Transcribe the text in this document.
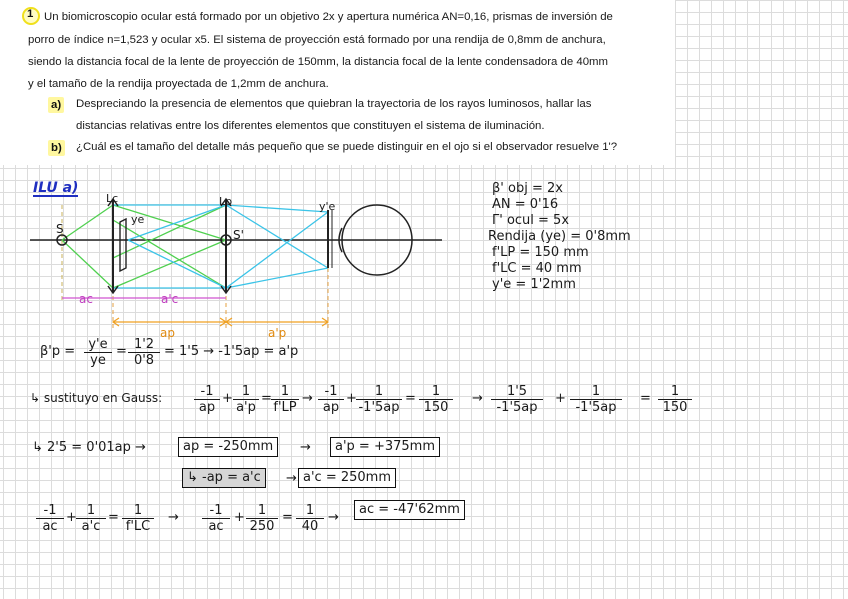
1 Un biomicroscopio ocular está formado por un objetivo 2x y apertura numérica AN=0,16, prismas de inversión de
porro de índice n=1,523 y ocular x5. El sistema de proyección está formado por una rendija de 0,8mm de anchura,
siendo la distancia focal de la lente de proyección de 150mm, la distancia focal de la lente condensadora de 40mm
y el tamaño de la rendija proyectada de 1,2mm de anchura.
a) Despreciando la presencia de elementos que quiebran la trayectoria de los rayos luminosos, hallar las
distancias relativas entre los diferentes elementos que constituyen el sistema de iluminación.
b) ¿Cuál es el tamaño del detalle más pequeño que se puede distinguir en el ojo si el observador resuelve 1'?
ILU a)
S
Lc
ye
Lp
S'
y'e
ac	a'c
ap	a'p
β' obj = 2x
AN = 0'16
Γ' ocul = 5x
Rendija (ye) = 0'8mm
f'LP = 150 mm
f'LC = 40 mm
y'e = 1'2mm
$\beta'p = \frac{y'e}{ye} = \frac{1'2}{0'8} = 1'5 \to -1'5ap = a'p$
↳ sustituyo en Gauss: $\frac{-1}{ap} + \frac{1}{a'p} = \frac{1}{f'LP} \to \frac{-1}{ap} + \frac{1}{-1'5ap} = \frac{1}{150} \to \frac{1'5}{-1'5ap} + \frac{1}{-1'5ap} = \frac{1}{150}$
↳ 2'5 = 0'01ap →	ap = -250mm	→	a'p = +375mm
↳ -ap = a'c	→ a'c = 250mm
$\frac{-1}{ac} + \frac{1}{a'c} = \frac{1}{f'LC} \to \frac{-1}{ac} + \frac{1}{250} = \frac{1}{40}$ →
ac = -47'62mm
